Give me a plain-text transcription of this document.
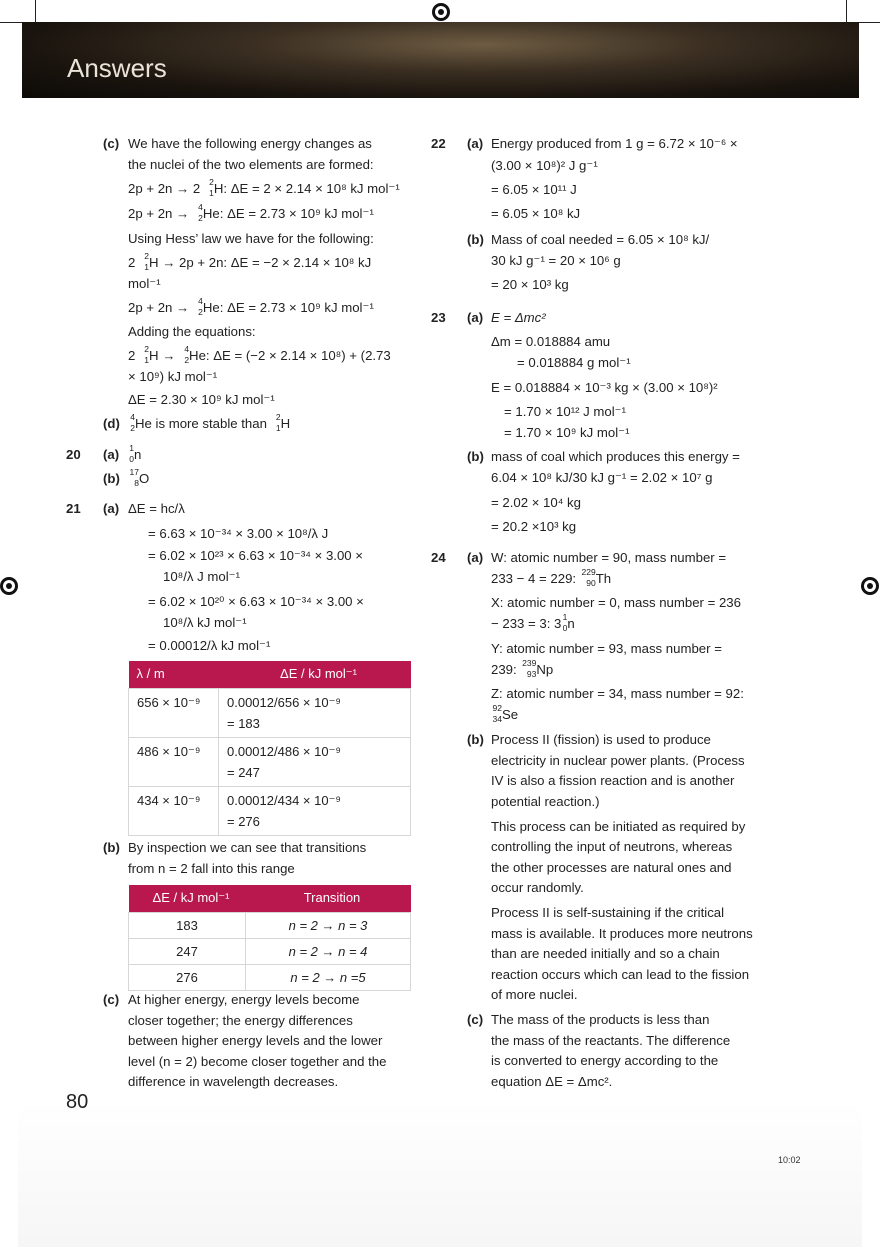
Answers
(c) We have the following energy changes as
the nuclei of the two elements are formed:
2p + 2n → 2 2
1 H: ΔE = 2 × 2.14 × 10⁸ kJ mol⁻¹
2p + 2n → 4
2 He: ΔE = 2.73 × 10⁹ kJ mol⁻¹
Using Hess’ law we have for the following:
2 2
1 H → 2p + 2n: ΔE = −2 × 2.14 × 10⁸ kJ
mol⁻¹
2p + 2n → 4
2 He: ΔE = 2.73 × 10⁹ kJ mol⁻¹
Adding the equations:
2 2
1 H → 4
2 He: ΔE = (−2 × 2.14 × 10⁸) + (2.73
× 10⁹) kJ mol⁻¹
ΔE = 2.30 × 10⁹ kJ mol⁻¹
(d) 4
2 He is more stable than 2
1 H
20 (a) 1
0 n
(b) 17
8 O
21 (a) ΔE = hc/λ
= 6.63 × 10⁻³⁴ × 3.00 × 10⁸/λ J
= 6.02 × 10²³ × 6.63 × 10⁻³⁴ × 3.00 ×
10⁸/λ J mol⁻¹
= 6.02 × 10²⁰ × 6.63 × 10⁻³⁴ × 3.00 ×
10⁸/λ kJ mol⁻¹
= 0.00012/λ kJ mol⁻¹
λ / m	ΔE / kJ mol⁻¹
656 × 10⁻⁹	0.00012/656 × 10⁻⁹
= 183

486 × 10⁻⁹	0.00012/486 × 10⁻⁹
= 247

434 × 10⁻⁹	0.00012/434 × 10⁻⁹
= 276
(b) By inspection we can see that transitions
from n = 2 fall into this range
ΔE / kJ mol⁻¹	Transition
183	n = 2 → n = 3
247	n = 2 → n = 4
276	n = 2 → n =5
(c) At higher energy, energy levels become
closer together; the energy differences
between higher energy levels and the lower
level (n = 2) become closer together and the
difference in wavelength decreases.
22 (a) Energy produced from 1 g = 6.72 × 10⁻⁶ ×
(3.00 × 10⁸)² J g⁻¹
= 6.05 × 10¹¹ J
= 6.05 × 10⁸ kJ
(b) Mass of coal needed = 6.05 × 10⁸ kJ/
30 kJ g⁻¹ = 20 × 10⁶ g
= 20 × 10³ kg
23 (a) E = Δmc²
Δm = 0.018884 amu
= 0.018884 g mol⁻¹
E = 0.018884 × 10⁻³ kg × (3.00 × 10⁸)²
= 1.70 × 10¹² J mol⁻¹
= 1.70 × 10⁹ kJ mol⁻¹
(b) mass of coal which produces this energy =
6.04 × 10⁸ kJ/30 kJ g⁻¹ = 2.02 × 10⁷ g
= 2.02 × 10⁴ kg
= 20.2 ×10³ kg
24 (a) W: atomic number = 90, mass number =
233 − 4 = 229: 229
90 Th
X: atomic number = 0, mass number = 236
− 233 = 3: 3 1
0 n
Y: atomic number = 93, mass number =
239: 239
93 Np
Z: atomic number = 34, mass number = 92:
92
34 Se
(b) Process II (fission) is used to produce
electricity in nuclear power plants. (Process
IV is also a fission reaction and is another
potential reaction.)
This process can be initiated as required by
controlling the input of neutrons, whereas
the other processes are natural ones and
occur randomly.
Process II is self-sustaining if the critical
mass is available. It produces more neutrons
than are needed initially and so a chain
reaction occurs which can lead to the fission
of more nuclei.
(c) The mass of the products is less than
the mass of the reactants. The difference
is converted to energy according to the
equation ΔE = Δmc².
80
10:02
